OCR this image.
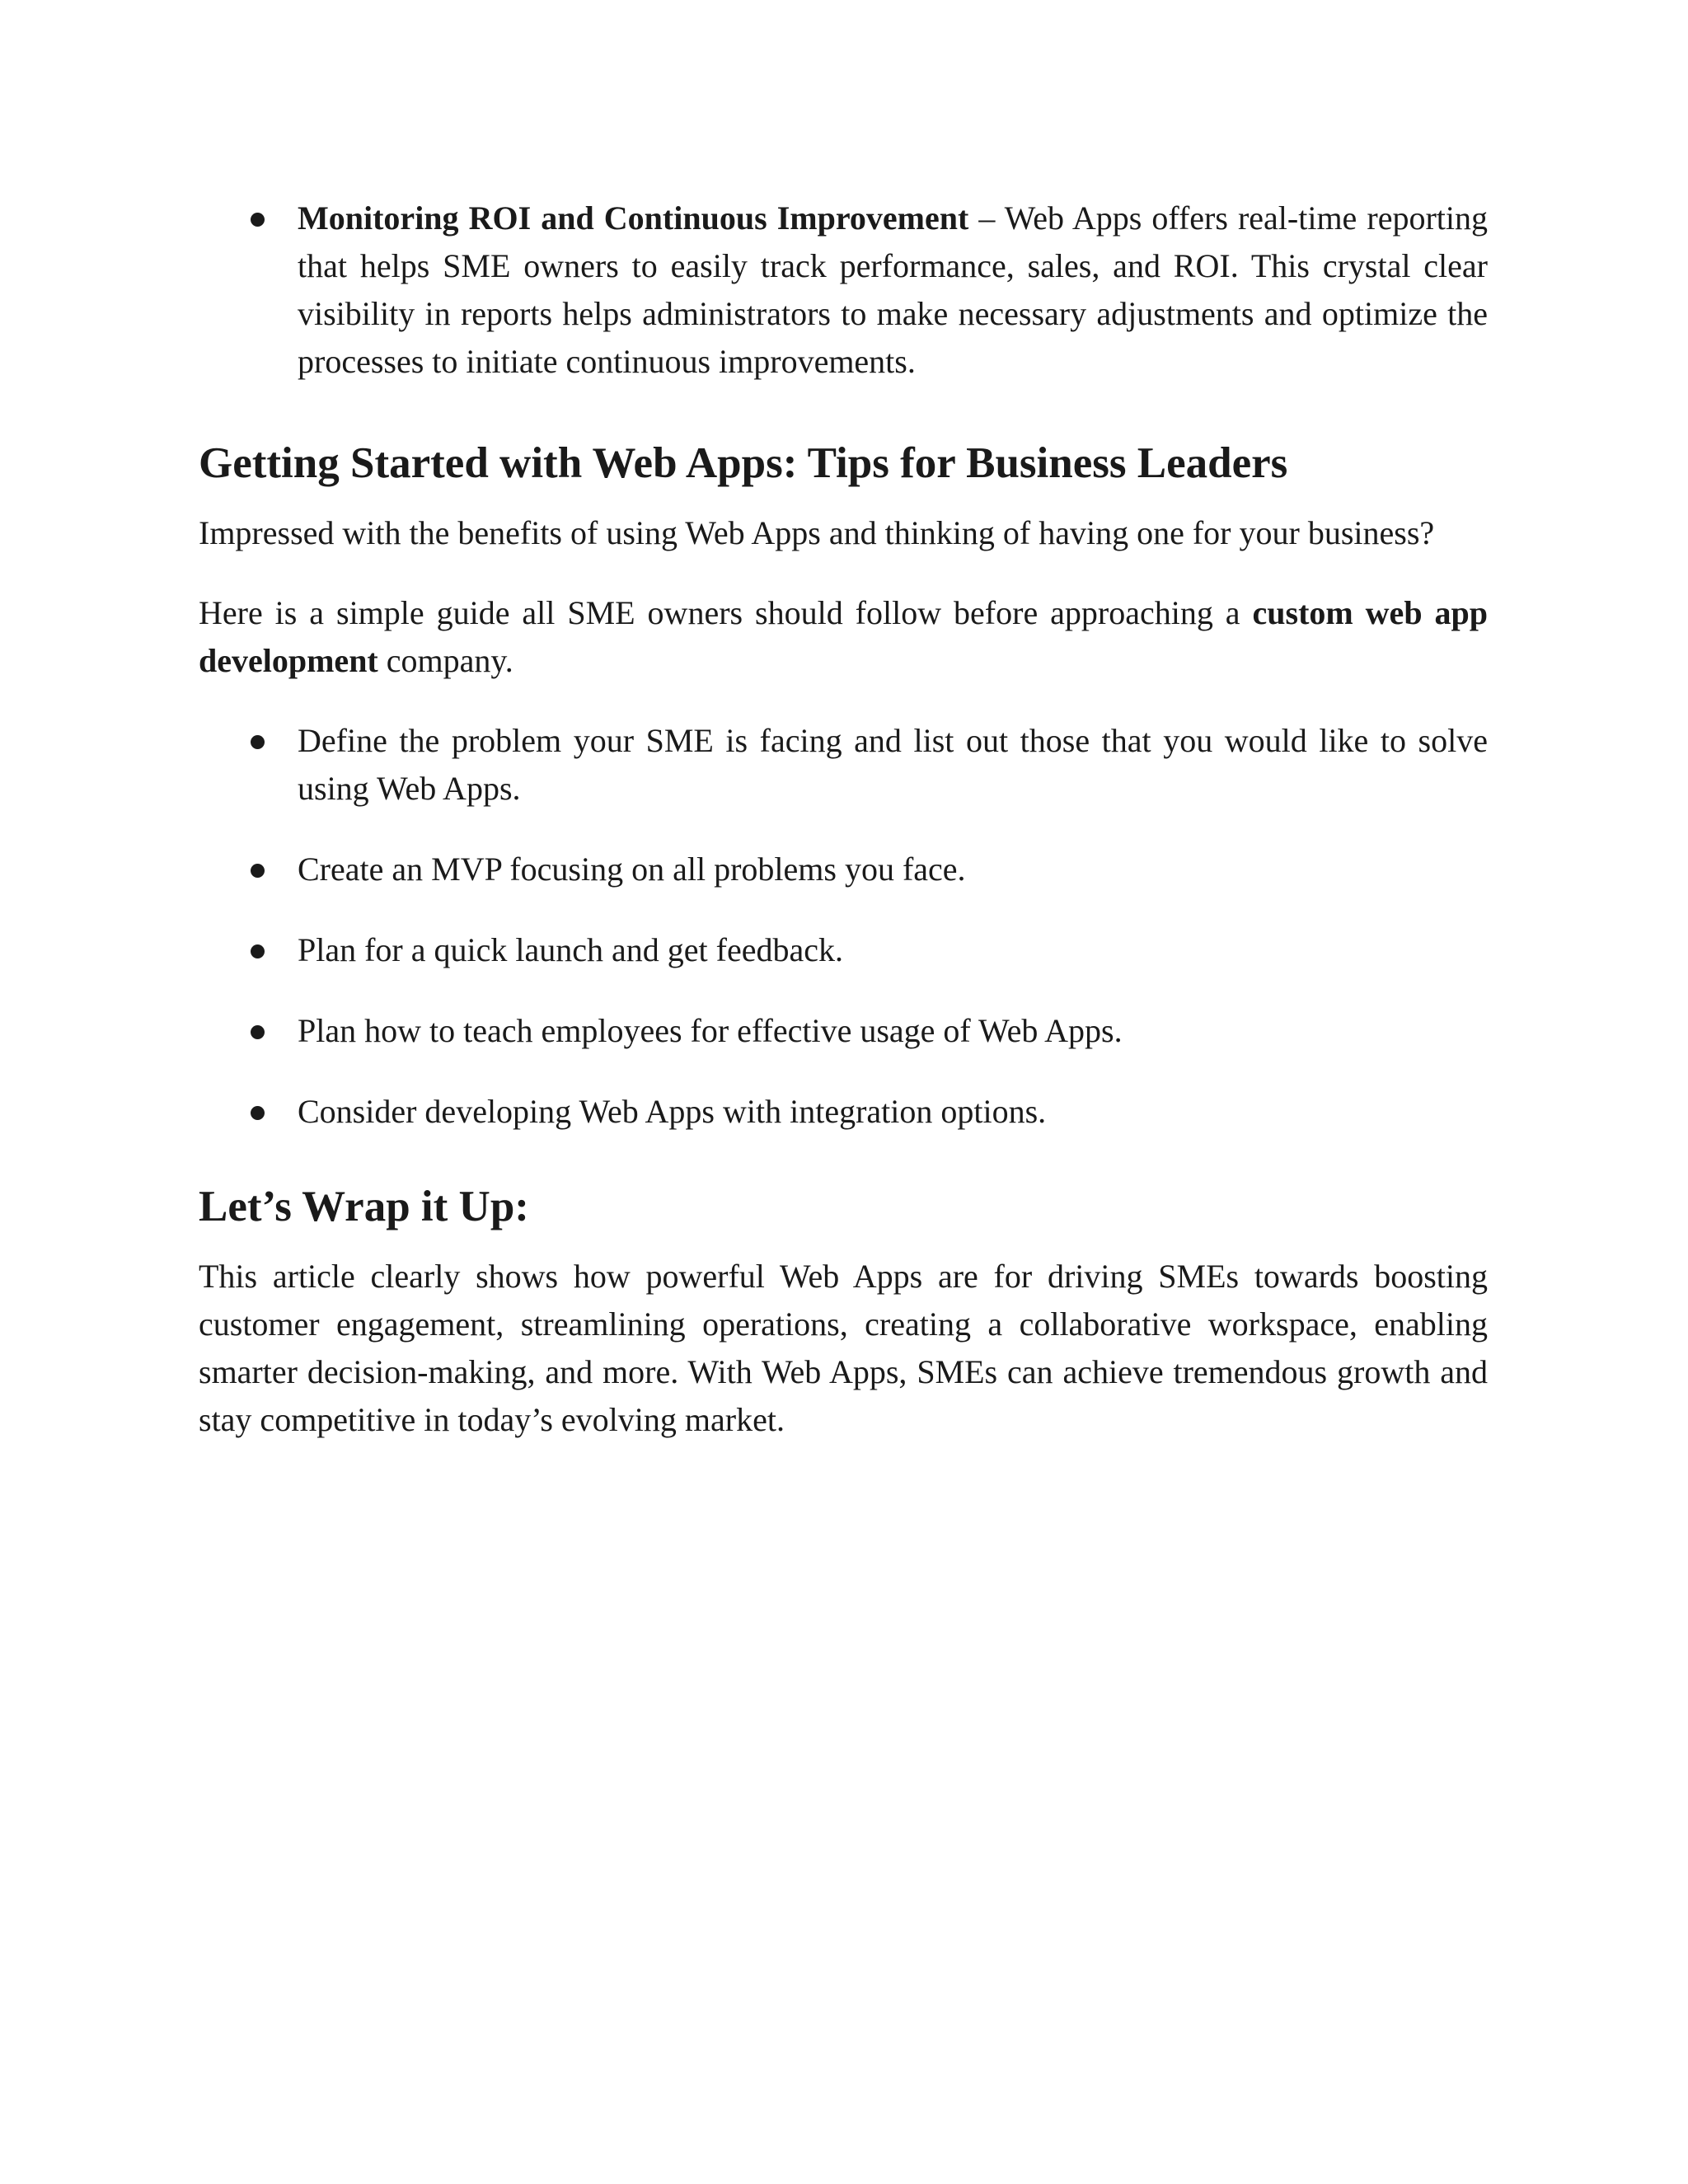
Monitoring ROI and Continuous Improvement – Web Apps offers real-time reporting that helps SME owners to easily track performance, sales, and ROI. This crystal clear visibility in reports helps administrators to make necessary adjustments and optimize the processes to initiate continuous improvements.
Getting Started with Web Apps: Tips for Business Leaders

Impressed with the benefits of using Web Apps and thinking of having one for your business?

Here is a simple guide all SME owners should follow before approaching a custom web app development company.

Define the problem your SME is facing and list out those that you would like to solve using Web Apps.
Create an MVP focusing on all problems you face.
Plan for a quick launch and get feedback.
Plan how to teach employees for effective usage of Web Apps.
Consider developing Web Apps with integration options.
Let’s Wrap it Up:

This article clearly shows how powerful Web Apps are for driving SMEs towards boosting customer engagement, streamlining operations, creating a collaborative workspace, enabling smarter decision-making, and more. With Web Apps, SMEs can achieve tremendous growth and stay competitive in today’s evolving market.
